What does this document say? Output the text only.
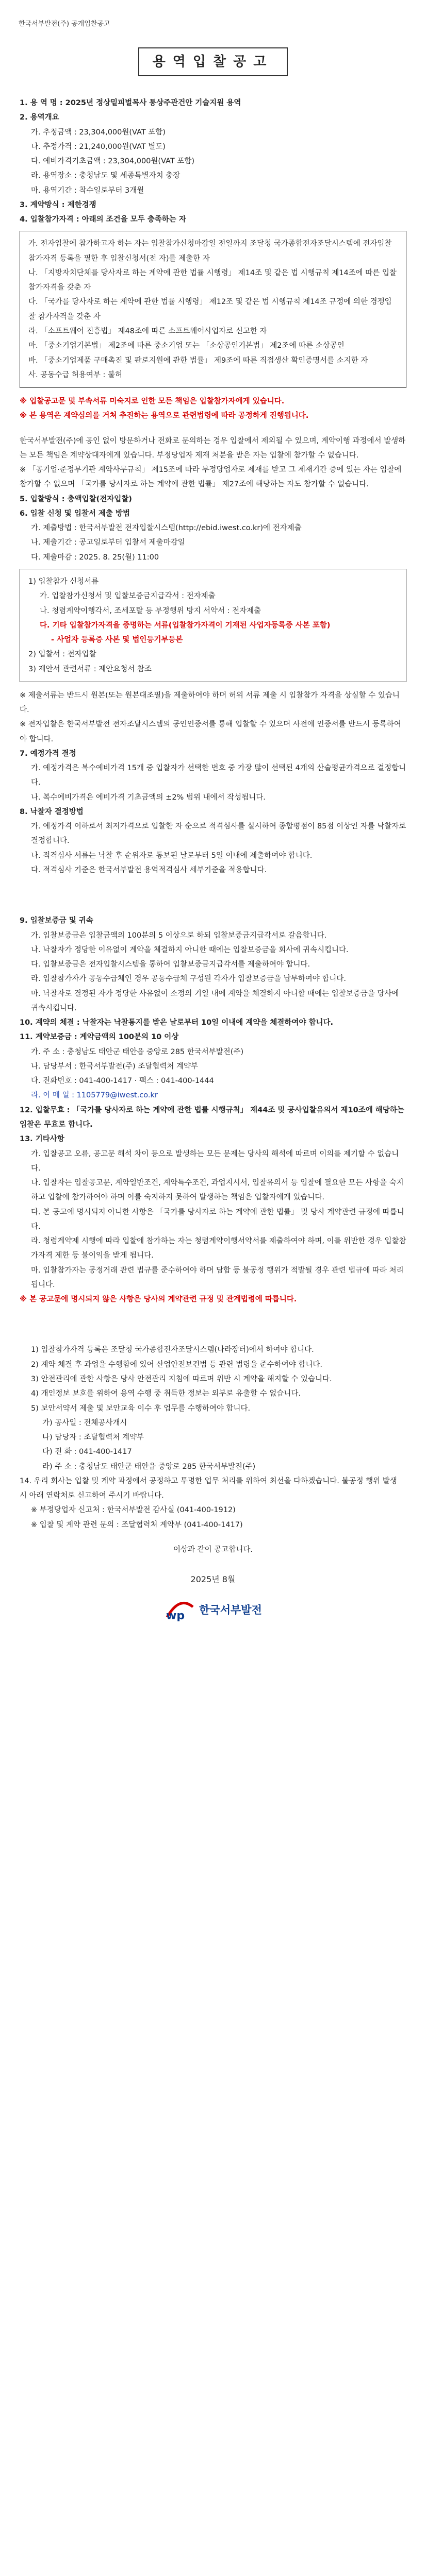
한국서부발전(주) 공개입찰공고
용역입찰공고

1. 용 역 명 : 2025년 정상밑피벌목사 통상주관건안 기술지원 용역

2. 용역개요

가. 추정금액 : 23,304,000원(VAT 포함)

나. 추정가격 : 21,240,000원(VAT 별도)

다. 예비가격기초금액 : 23,304,000원(VAT 포함)

라. 용역장소 : 충청남도 및 세종특별자치 충장

마. 용역기간 : 착수일로부터 3개월

3. 계약방식 : 제한경쟁

4. 입찰참가자격 : 아래의 조건을 모두 충족하는 자

가. 전자입찰에 참가하고자 하는 자는 입찰참가신청마감일 전일까지 조달청 국가종합전자조달시스템에 전자입찰 참가자격 등록을 필한 후 입찰신청서(전 자)를 제출한 자

나. 「지방자치단체를 당사자로 하는 계약에 관한 법률 시행령」 제14조 및 같은 법 시행규칙 제14조에 따른 입찰참가자격을 갖춘 자

다. 「국가를 당사자로 하는 계약에 관한 법률 시행령」 제12조 및 같은 법 시행규칙 제14조 규정에 의한 경쟁입찰 참가자격을 갖춘 자

라. 「소프트웨어 진흥법」 제48조에 따른 소프트웨어사업자로 신고한 자

마. 「중소기업기본법」 제2조에 따른 중소기업 또는 「소상공인기본법」 제2조에 따른 소상공인

바. 「중소기업제품 구매촉진 및 판로지원에 관한 법률」 제9조에 따른 직접생산 확인증명서를 소지한 자

사. 공동수급 허용여부 : 불허

※ 입찰공고문 및 부속서류 미숙지로 인한 모든 책임은 입찰참가자에게 있습니다.

※ 본 용역은 계약심의를 거쳐 추진하는 용역으로 관련법령에 따라 공정하게 진행됩니다.

한국서부발전(주)에 공인 없이 방문하거나 전화로 문의하는 경우 입찰에서 제외될 수 있으며, 계약이행 과정에서 발생하는 모든 책임은 계약상대자에게 있습니다. 부정당업자 제재 처분을 받은 자는 입찰에 참가할 수 없습니다.

※ 「공기업·준정부기관 계약사무규칙」 제15조에 따라 부정당업자로 제재를 받고 그 제재기간 중에 있는 자는 입찰에 참가할 수 없으며 「국가를 당사자로 하는 계약에 관한 법률」 제27조에 해당하는 자도 참가할 수 없습니다.

5. 입찰방식 : 총액입찰(전자입찰)

6. 입찰 신청 및 입찰서 제출 방법

가. 제출방법 : 한국서부발전 전자입찰시스템(http://ebid.iwest.co.kr)에 전자제출

나. 제출기간 : 공고일로부터 입찰서 제출마감일

다. 제출마감 : 2025. 8. 25(월) 11:00

1) 입찰참가 신청서류

가. 입찰참가신청서 및 입찰보증금지급각서 : 전자제출

나. 청렴계약이행각서, 조세포탈 등 부정행위 방지 서약서 : 전자제출

다. 기타 입찰참가자격을 증명하는 서류(입찰참가자격이 기재된 사업자등록증 사본 포함)

- 사업자 등록증 사본 및 법인등기부등본

2) 입찰서 : 전자입찰

3) 제안서 관련서류 : 제안요청서 참조

※ 제출서류는 반드시 원본(또는 원본대조필)을 제출하여야 하며 허위 서류 제출 시 입찰참가 자격을 상실할 수 있습니다.

※ 전자입찰은 한국서부발전 전자조달시스템의 공인인증서를 통해 입찰할 수 있으며 사전에 인증서를 반드시 등록하여야 합니다.

7. 예정가격 결정

가. 예정가격은 복수예비가격 15개 중 입찰자가 선택한 번호 중 가장 많이 선택된 4개의 산술평균가격으로 결정합니다.

나. 복수예비가격은 예비가격 기초금액의 ±2% 범위 내에서 작성됩니다.

8. 낙찰자 결정방법

가. 예정가격 이하로서 최저가격으로 입찰한 자 순으로 적격심사를 실시하여 종합평점이 85점 이상인 자를 낙찰자로 결정합니다.

나. 적격심사 서류는 낙찰 후 순위자로 통보된 날로부터 5일 이내에 제출하여야 합니다.

다. 적격심사 기준은 한국서부발전 용역적격심사 세부기준을 적용합니다.

9. 입찰보증금 및 귀속

가. 입찰보증금은 입찰금액의 100분의 5 이상으로 하되 입찰보증금지급각서로 갈음합니다.

나. 낙찰자가 정당한 이유없이 계약을 체결하지 아니한 때에는 입찰보증금을 회사에 귀속시킵니다.

다. 입찰보증금은 전자입찰시스템을 통하여 입찰보증금지급각서를 제출하여야 합니다.

라. 입찰참가자가 공동수급체인 경우 공동수급체 구성원 각자가 입찰보증금을 납부하여야 합니다.

마. 낙찰자로 결정된 자가 정당한 사유없이 소정의 기일 내에 계약을 체결하지 아니할 때에는 입찰보증금을 당사에 귀속시킵니다.

10. 계약의 체결 : 낙찰자는 낙찰통지를 받은 날로부터 10일 이내에 계약을 체결하여야 합니다.

11. 계약보증금 : 계약금액의 100분의 10 이상

가. 주 소 : 충청남도 태안군 태안읍 중앙로 285 한국서부발전(주)

나. 담당부서 : 한국서부발전(주) 조달협력처 계약부

다. 전화번호 : 041-400-1417 · 팩스 : 041-400-1444

라. 이 메 일 : 1105779@iwest.co.kr

12. 입찰무효 : 「국가를 당사자로 하는 계약에 관한 법률 시행규칙」 제44조 및 공사입찰유의서 제10조에 해당하는 입찰은 무효로 합니다.

13. 기타사항

가. 입찰공고 오류, 공고문 해석 차이 등으로 발생하는 모든 문제는 당사의 해석에 따르며 이의를 제기할 수 없습니다.

나. 입찰자는 입찰공고문, 계약일반조건, 계약특수조건, 과업지시서, 입찰유의서 등 입찰에 필요한 모든 사항을 숙지하고 입찰에 참가하여야 하며 이를 숙지하지 못하여 발생하는 책임은 입찰자에게 있습니다.

다. 본 공고에 명시되지 아니한 사항은 「국가를 당사자로 하는 계약에 관한 법률」 및 당사 계약관련 규정에 따릅니다.

라. 청렴계약제 시행에 따라 입찰에 참가하는 자는 청렴계약이행서약서를 제출하여야 하며, 이를 위반한 경우 입찰참가자격 제한 등 불이익을 받게 됩니다.

마. 입찰참가자는 공정거래 관련 법규를 준수하여야 하며 담합 등 불공정 행위가 적발될 경우 관련 법규에 따라 처리됩니다.

※ 본 공고문에 명시되지 않은 사항은 당사의 계약관련 규정 및 관계법령에 따릅니다.

1) 입찰참가자격 등록은 조달청 국가종합전자조달시스템(나라장터)에서 하여야 합니다.

2) 계약 체결 후 과업을 수행함에 있어 산업안전보건법 등 관련 법령을 준수하여야 합니다.

3) 안전관리에 관한 사항은 당사 안전관리 지침에 따르며 위반 시 계약을 해지할 수 있습니다.

4) 개인정보 보호를 위하여 용역 수행 중 취득한 정보는 외부로 유출할 수 없습니다.

5) 보안서약서 제출 및 보안교육 이수 후 업무를 수행하여야 합니다.

가) 공사일 : 전체공사개시

나) 담당자 : 조달협력처 계약부

다) 전 화 : 041-400-1417

라) 주 소 : 충청남도 태안군 태안읍 중앙로 285 한국서부발전(주)

14. 우리 회사는 입찰 및 계약 과정에서 공정하고 투명한 업무 처리를 위하여 최선을 다하겠습니다. 불공정 행위 발생 시 아래 연락처로 신고하여 주시기 바랍니다.

※ 부정당업자 신고처 : 한국서부발전 감사실 (041-400-1912)

※ 입찰 및 계약 관련 문의 : 조달협력처 계약부 (041-400-1417)

이상과 같이 공고합니다.

2025년 8월
wp 한국서부발전
